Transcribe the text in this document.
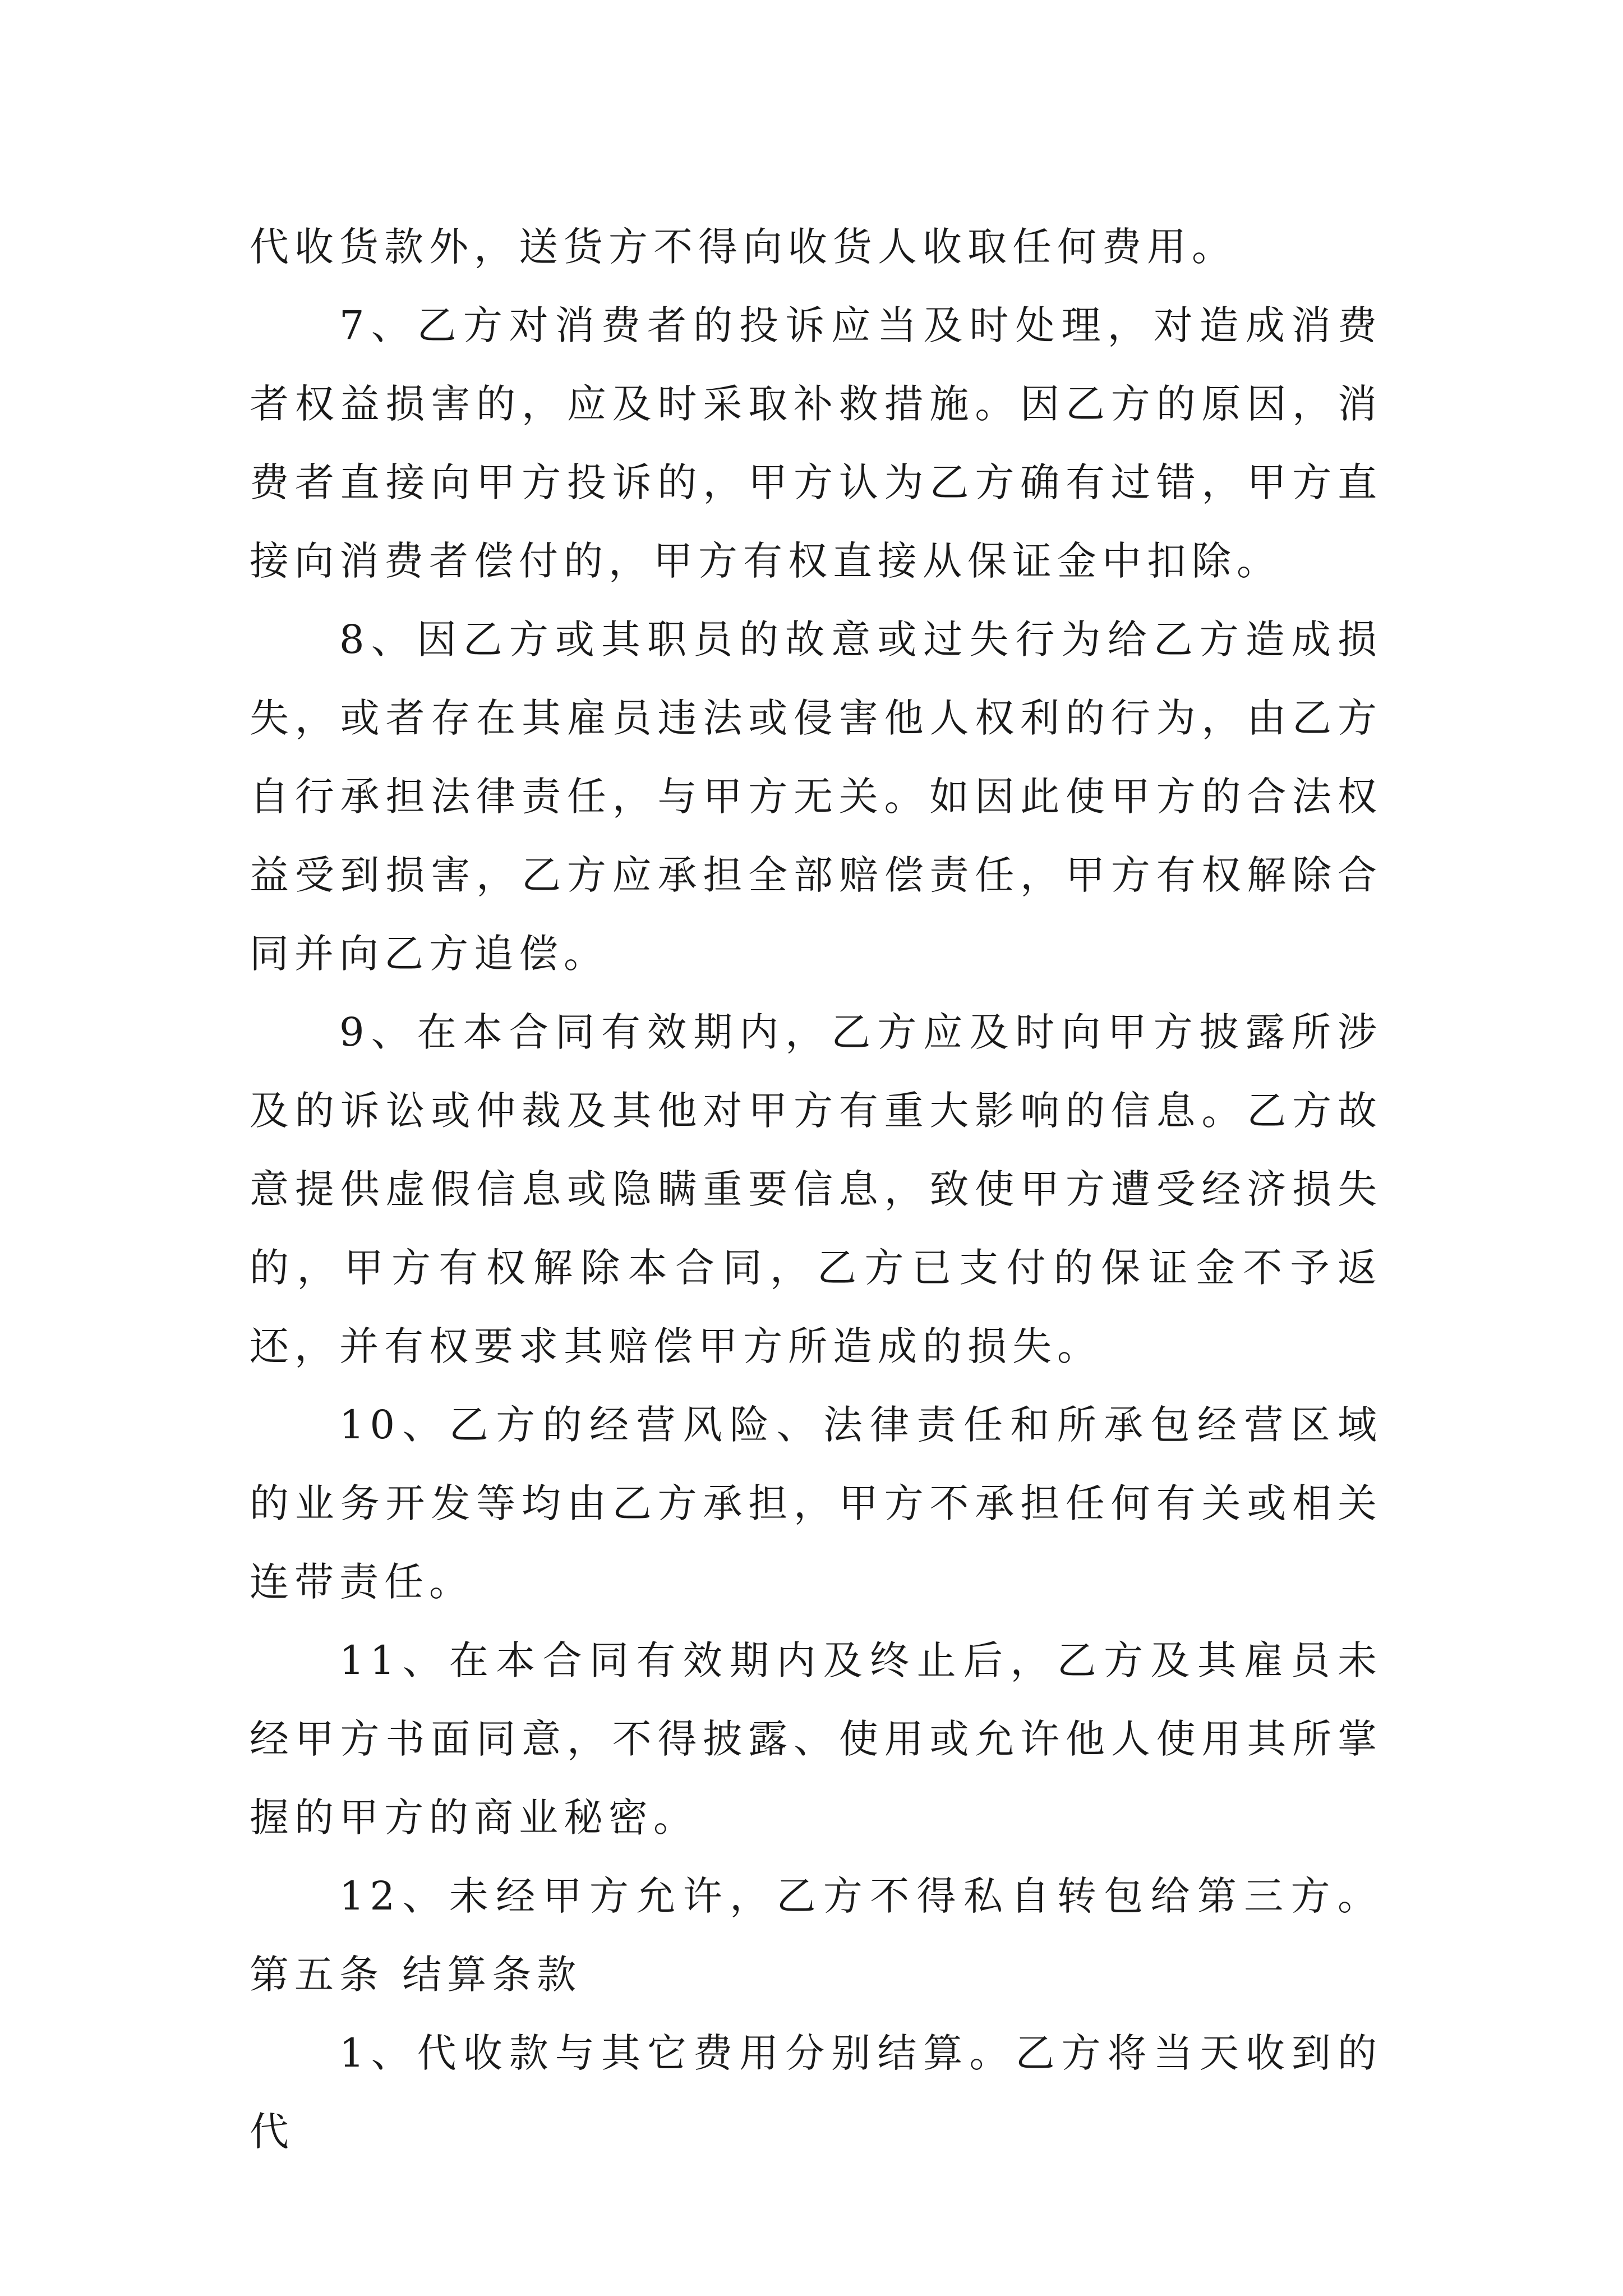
代收货款外，送货方不得向收货人收取任何费用。

7、乙方对消费者的投诉应当及时处理，对造成消费者权益损害的，应及时采取补救措施。因乙方的原因，消费者直接向甲方投诉的，甲方认为乙方确有过错，甲方直接向消费者偿付的，甲方有权直接从保证金中扣除。

8、因乙方或其职员的故意或过失行为给乙方造成损失，或者存在其雇员违法或侵害他人权利的行为，由乙方自行承担法律责任，与甲方无关。如因此使甲方的合法权益受到损害，乙方应承担全部赔偿责任，甲方有权解除合同并向乙方追偿。

9、在本合同有效期内，乙方应及时向甲方披露所涉及的诉讼或仲裁及其他对甲方有重大影响的信息。乙方故意提供虚假信息或隐瞒重要信息，致使甲方遭受经济损失的，甲方有权解除本合同，乙方已支付的保证金不予返还，并有权要求其赔偿甲方所造成的损失。

10、乙方的经营风险、法律责任和所承包经营区域的业务开发等均由乙方承担，甲方不承担任何有关或相关连带责任。

11、在本合同有效期内及终止后，乙方及其雇员未经甲方书面同意，不得披露、使用或允许他人使用其所掌握的甲方的商业秘密。

12、未经甲方允许，乙方不得私自转包给第三方。 第五条 结算条款

1、代收款与其它费用分别结算。乙方将当天收到的代
